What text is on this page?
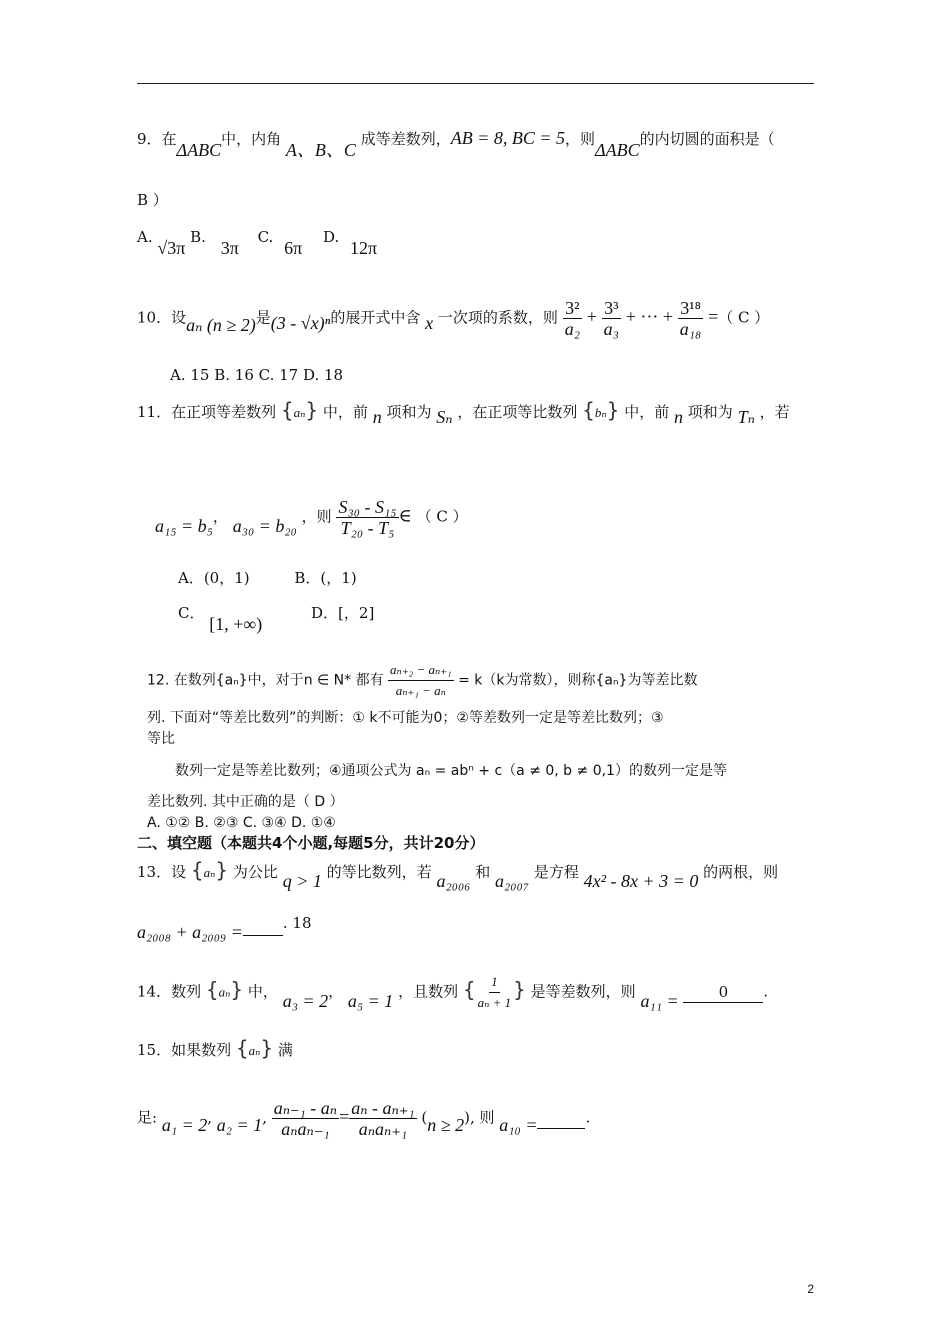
9．在ΔABC中，内角 A、B、C 成等差数列，AB = 8, BC = 5，则ΔABC的内切圆的面积是（
B ）
A. √3π B. 3π C. 6π D. 12π
10．设aₙ (n ≥ 2)是(3 - √x)ⁿ的展开式中含 x 一次项的系数，则 $\frac{\text{3²}}{\text{a₂}} + \frac{\text{3³}}{\text{a₃}}$ + ··· + $\frac{\text{3¹⁸}}{\text{a₁₈}}$ =（ C ）
A. 15 B. 16 C. 17 D. 18
11．在正项等差数列 {aₙ} 中，前 n 项和为 Sₙ ，在正项等比数列 {bₙ} 中，前 n 项和为 Tₙ ，若
a₁₅ = b₅， a₃₀ = b₂₀ ，则 $\frac{\text{S₃₀ - S₁₅}}{\text{T₂₀ - T₅}}$ ∈ （ C ）
A．(0，1)	B．(，1)
C． [1, +∞) D．[，2]
12. 在数列{aₙ}中，对于n ∈ N* 都有 $\frac{\text{aₙ₊₂ − aₙ₊₁}}{\text{aₙ₊₁ − aₙ}} = k(k$为常数），则称{aₙ}为等差比数
列. 下面对“等差比数列”的判断：① k不可能为0；②等差数列一定是等差比数列；③
等比
数列一定是等差比数列；④通项公式为 aₙ = abⁿ + c（a ≠ 0, b ≠ 0,1）的数列一定是等
差比数列. 其中正确的是（ D ）
A. ①② B. ②③ C. ③④ D. ①④
二、填空题（本题共4个小题,每题5分，共计20分）
13．设 {aₙ} 为公比 q > 1 的等比数列，若 a₂₀₀₆ 和 a₂₀₀₇ 是方程 4x² - 8x + 3 = 0 的两根，则
a₂₀₀₈ + a₂₀₀₉ =	. 18
14．数列 {aₙ} 中， a₃ = 2， a₅ = 1 ，且数列 { $\frac{1}{\text{aₙ + 1}}$ } 是等差数列，则 a₁₁ =	0 .
15．如果数列 {aₙ} 满
足: a₁ = 2, a₂ = 1, $\frac{\text{aₙ₋₁ - aₙ}}{\text{aₙaₙ₋₁}} = \frac{\text{aₙ - aₙ₊₁}}{\text{aₙaₙ₊₁}} (n \ge 2)$, 则 a₁₀ =	.
2
